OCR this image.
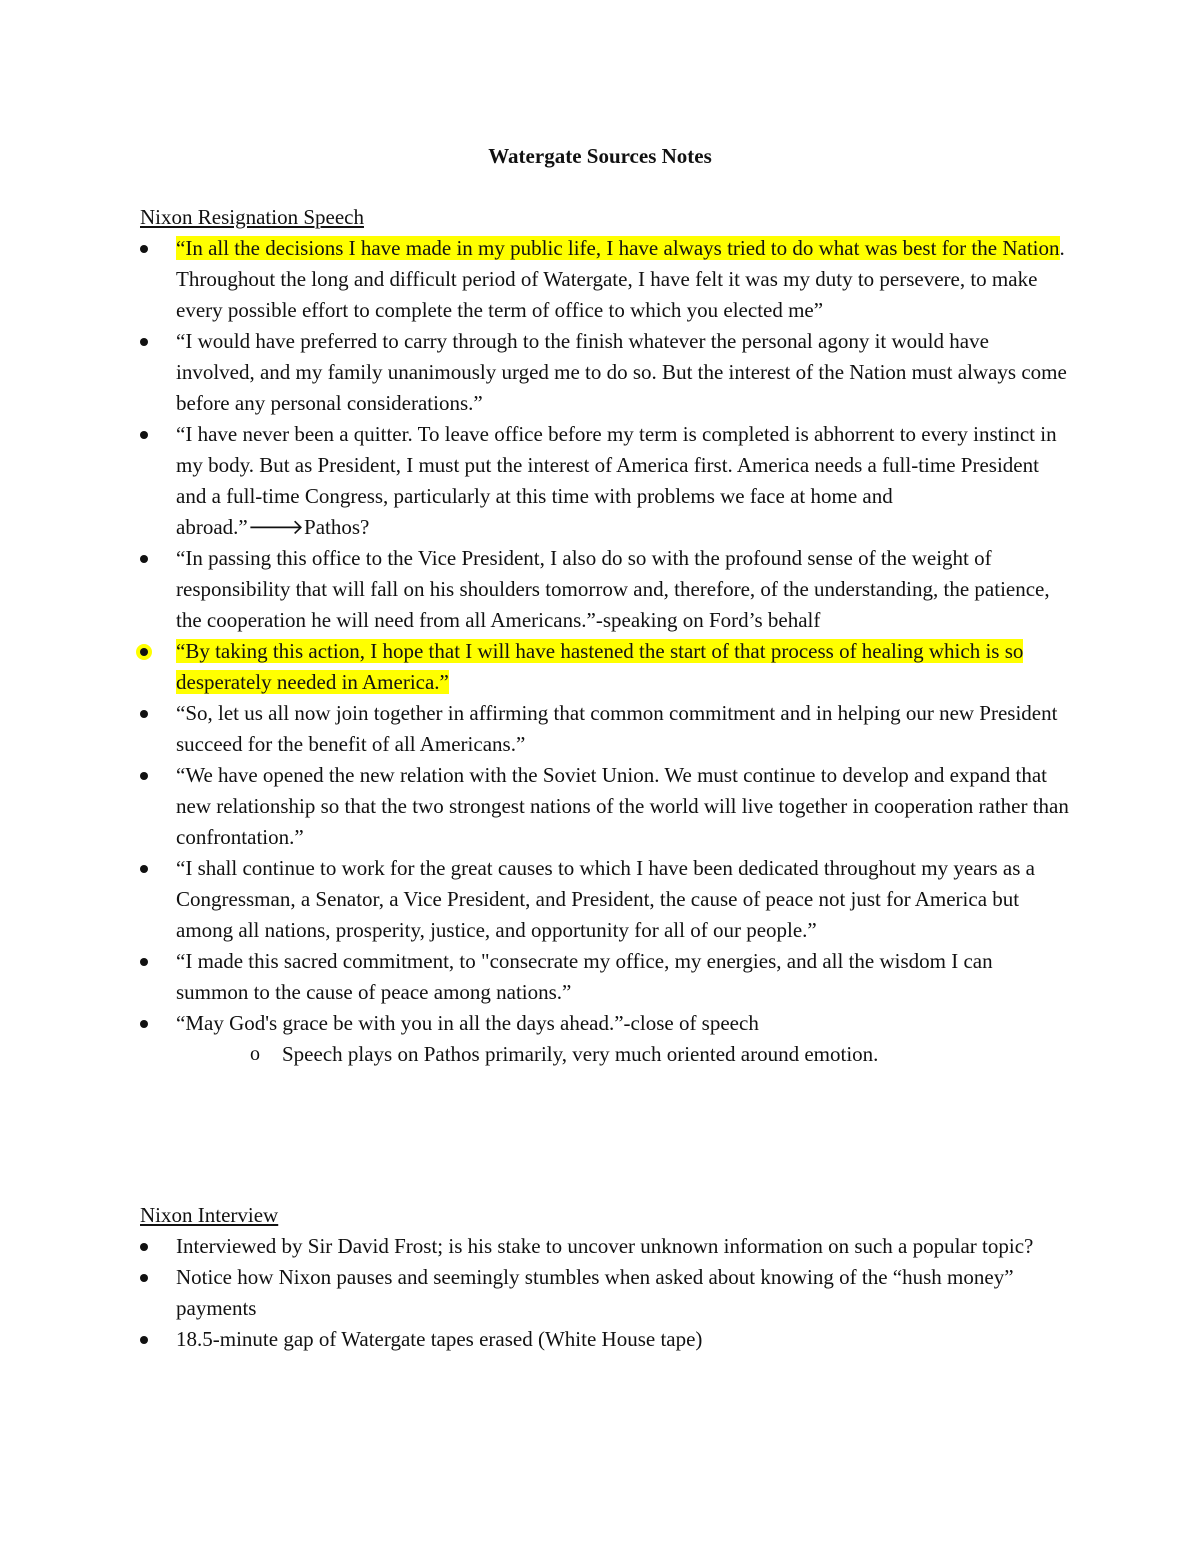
Watergate Sources Notes
Nixon Resignation Speech
“In all the decisions I have made in my public life, I have always tried to do what was best for the Nation. Throughout the long and difficult period of Watergate, I have felt it was my duty to persevere, to make every possible effort to complete the term of office to which you elected me”
“I would have preferred to carry through to the finish whatever the personal agony it would have involved, and my family unanimously urged me to do so. But the interest of the Nation must always come before any personal considerations.”
“I have never been a quitter. To leave office before my term is completed is abhorrent to every instinct in my body. But as President, I must put the interest of America first. America needs a full-time President and a full-time Congress, particularly at this time with problems we face at home and abroad.”🡒Pathos?
“In passing this office to the Vice President, I also do so with the profound sense of the weight of responsibility that will fall on his shoulders tomorrow and, therefore, of the understanding, the patience, the cooperation he will need from all Americans.”-speaking on Ford’s behalf
“By taking this action, I hope that I will have hastened the start of that process of healing which is so desperately needed in America.”
“So, let us all now join together in affirming that common commitment and in helping our new President succeed for the benefit of all Americans.”
“We have opened the new relation with the Soviet Union. We must continue to develop and expand that new relationship so that the two strongest nations of the world will live together in cooperation rather than confrontation.”
“I shall continue to work for the great causes to which I have been dedicated throughout my years as a Congressman, a Senator, a Vice President, and President, the cause of peace not just for America but among all nations, prosperity, justice, and opportunity for all of our people.”
“I made this sacred commitment, to "consecrate my office, my energies, and all the wisdom I can summon to the cause of peace among nations.”
“May God's grace be with you in all the days ahead.”-close of speech
o Speech plays on Pathos primarily, very much oriented around emotion.
Nixon Interview
Interviewed by Sir David Frost; is his stake to uncover unknown information on such a popular topic?
Notice how Nixon pauses and seemingly stumbles when asked about knowing of the “hush money” payments
18.5-minute gap of Watergate tapes erased (White House tape)
